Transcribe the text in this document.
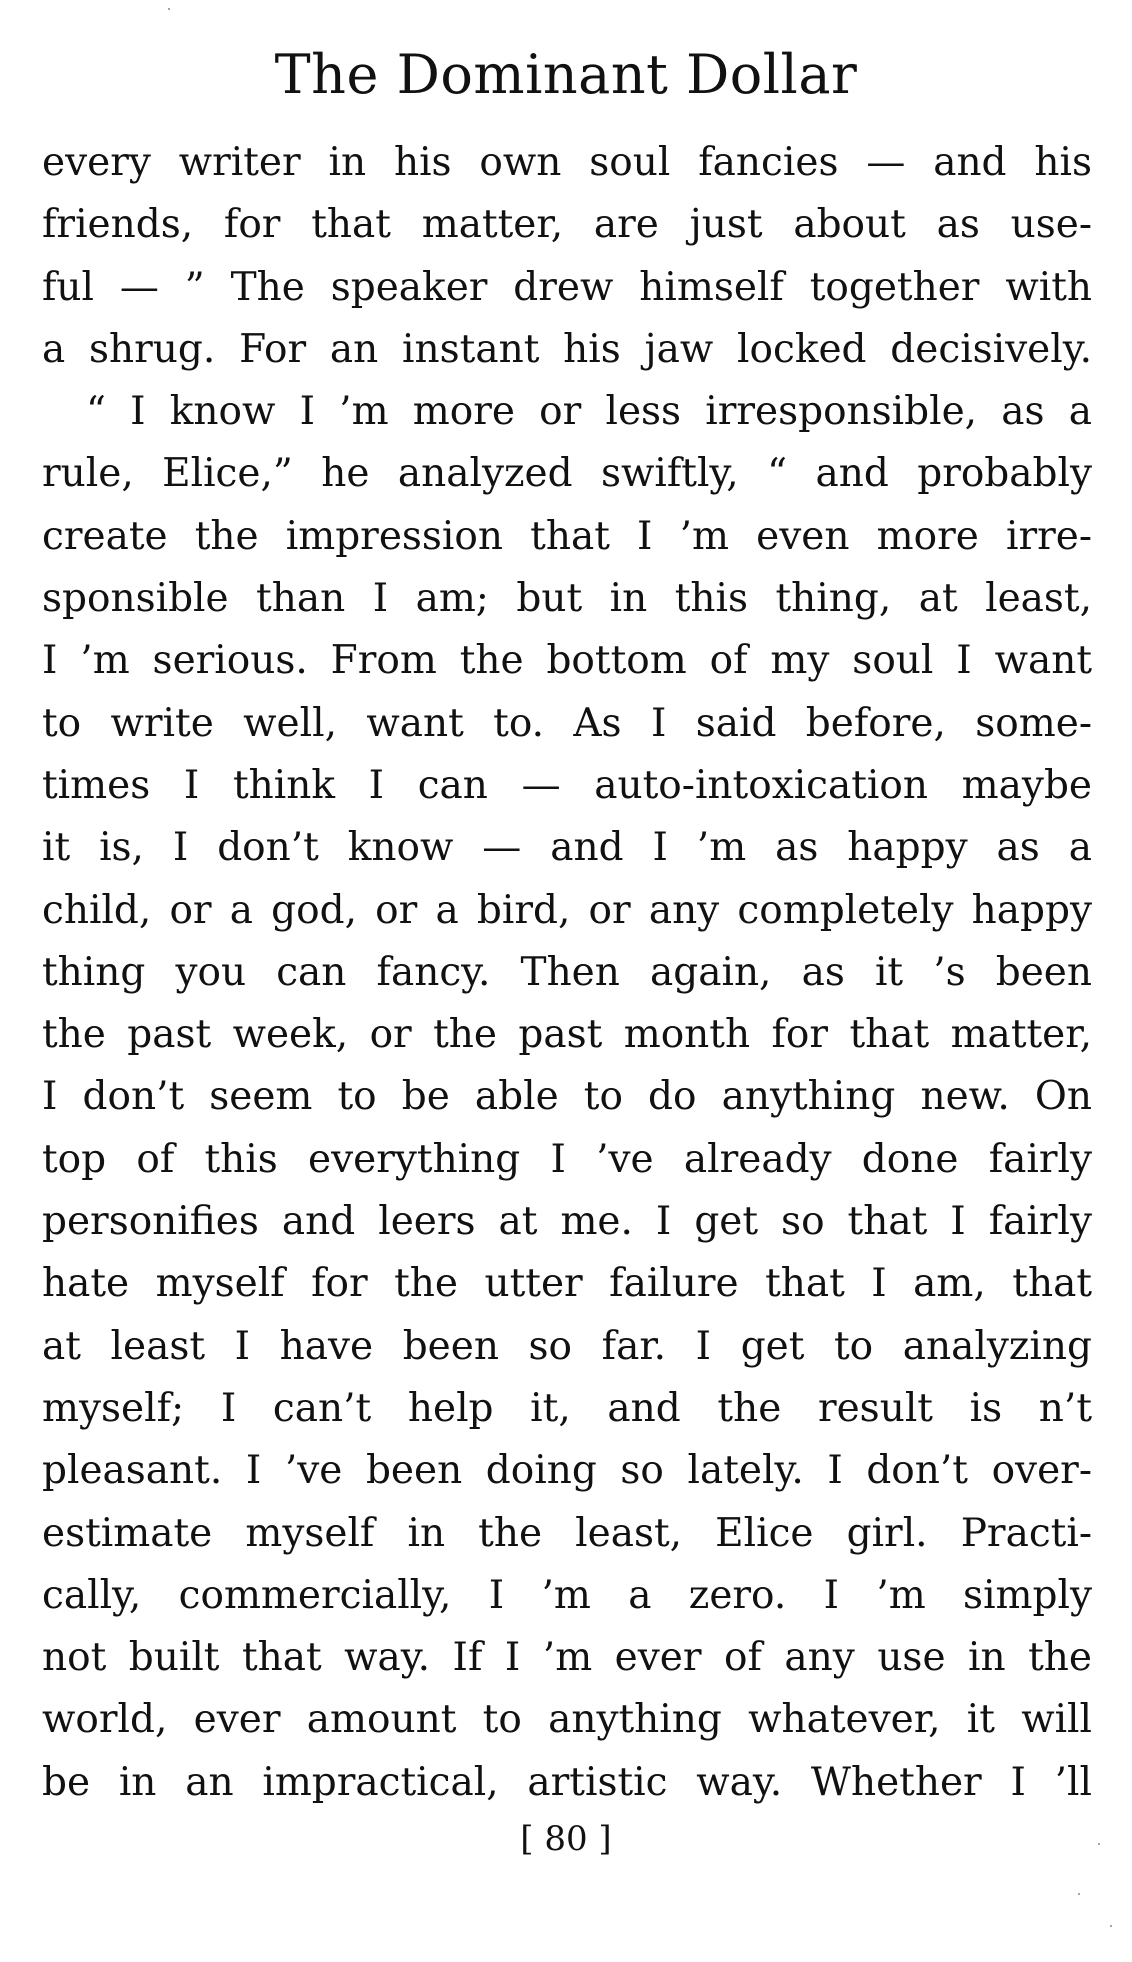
The Dominant Dollar
every writer in his own soul fancies — and his
friends, for that matter, are just about as use-
ful — ” The speaker drew himself together with
a shrug. For an instant his jaw locked decisively.
“ I know I ’m more or less irresponsible, as a
rule, Elice,” he analyzed swiftly, “ and probably
create the impression that I ’m even more irre-
sponsible than I am; but in this thing, at least,
I ’m serious. From the bottom of my soul I want
to write well, want to. As I said before, some-
times I think I can — auto-intoxication maybe
it is, I don’t know — and I ’m as happy as a
child, or a god, or a bird, or any completely happy
thing you can fancy. Then again, as it ’s been
the past week, or the past month for that matter,
I don’t seem to be able to do anything new. On
top of this everything I ’ve already done fairly
personifies and leers at me. I get so that I fairly
hate myself for the utter failure that I am, that
at least I have been so far. I get to analyzing
myself; I can’t help it, and the result is n’t
pleasant. I ’ve been doing so lately. I don’t over-
estimate myself in the least, Elice girl. Practi-
cally, commercially, I ’m a zero. I ’m simply
not built that way. If I ’m ever of any use in the
world, ever amount to anything whatever, it will
be in an impractical, artistic way. Whether I ’ll
[ 80 ]
